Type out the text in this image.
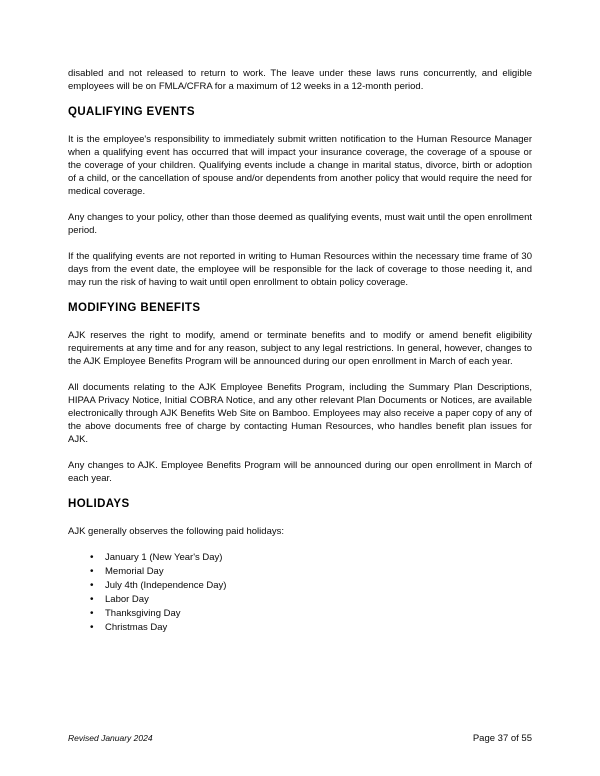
disabled and not released to return to work. The leave under these laws runs concurrently, and eligible employees will be on FMLA/CFRA for a maximum of 12 weeks in a 12-month period.

QUALIFYING EVENTS

It is the employee's responsibility to immediately submit written notification to the Human Resource Manager when a qualifying event has occurred that will impact your insurance coverage, the coverage of a spouse or the coverage of your children. Qualifying events include a change in marital status, divorce, birth or adoption of a child, or the cancellation of spouse and/or dependents from another policy that would require the need for medical coverage.

Any changes to your policy, other than those deemed as qualifying events, must wait until the open enrollment period.

If the qualifying events are not reported in writing to Human Resources within the necessary time frame of 30 days from the event date, the employee will be responsible for the lack of coverage to those needing it, and may run the risk of having to wait until open enrollment to obtain policy coverage.

MODIFYING BENEFITS

AJK reserves the right to modify, amend or terminate benefits and to modify or amend benefit eligibility requirements at any time and for any reason, subject to any legal restrictions. In general, however, changes to the AJK Employee Benefits Program will be announced during our open enrollment in March of each year.

All documents relating to the AJK Employee Benefits Program, including the Summary Plan Descriptions, HIPAA Privacy Notice, Initial COBRA Notice, and any other relevant Plan Documents or Notices, are available electronically through AJK Benefits Web Site on Bamboo. Employees may also receive a paper copy of any of the above documents free of charge by contacting Human Resources, who handles benefit plan issues for AJK.

Any changes to AJK. Employee Benefits Program will be announced during our open enrollment in March of each year.

HOLIDAYS

AJK generally observes the following paid holidays:

• January 1 (New Year's Day)
• Memorial Day
• July 4th (Independence Day)
• Labor Day
• Thanksgiving Day
• Christmas Day
Revised January 2024	Page 37 of 55
